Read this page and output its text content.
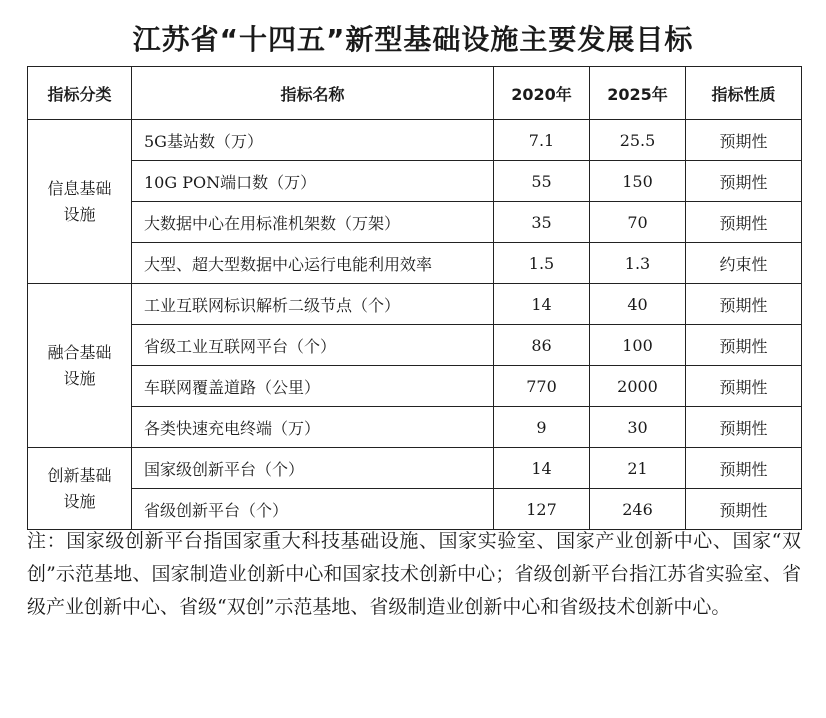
江苏省“十四五”新型基础设施主要发展目标
指标分类	指标名称	2020年	2025年	指标性质

信息基础
设施	5G基站数（万）	7.1	25.5	预期性
	10G PON端口数（万）	55	150	预期性
	大数据中心在用标准机架数（万架）	35	70	预期性
	大型、超大型数据中心运行电能利用效率	1.5	1.3	约束性

融合基础
设施	工业互联网标识解析二级节点（个）	14	40	预期性
	省级工业互联网平台（个）	86	100	预期性
	车联网覆盖道路（公里）	770	2000	预期性
	各类快速充电终端（万）	9	30	预期性

创新基础
设施	国家级创新平台（个）	14	21	预期性
	省级创新平台（个）	127	246	预期性
注：国家级创新平台指国家重大科技基础设施、国家实验室、国家产业创新中心、国家“双创”示范基地、国家制造业创新中心和国家技术创新中心；省级创新平台指江苏省实验室、省级产业创新中心、省级“双创”示范基地、省级制造业创新中心和省级技术创新中心。
